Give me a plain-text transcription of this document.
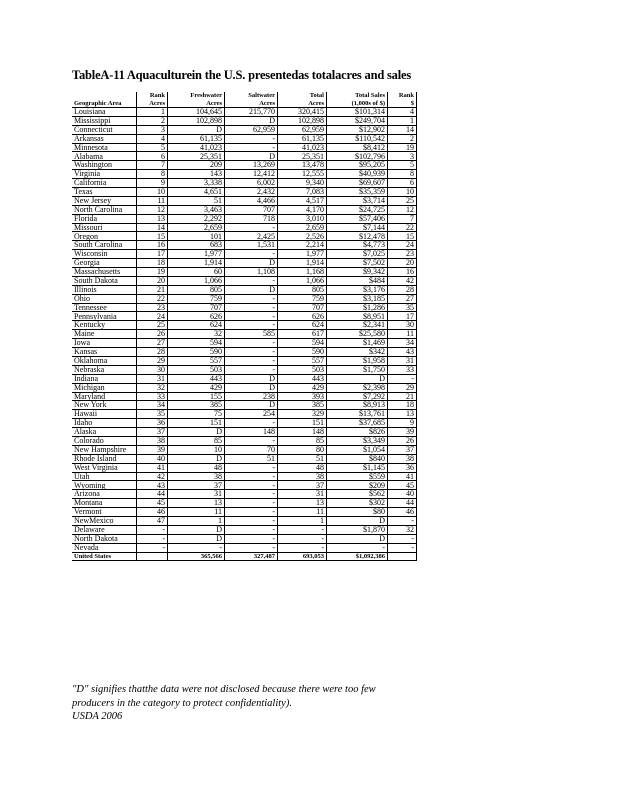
TableA-11 Aquaculturein the U.S. presentedas totalacres and sales
	Rank	Freshwater	Saltwater	Total	Total Sales	Rank
Geographic Area	Acres	Acres	Acres	Acres	(1,000s of $)	$
Louisiana	1	104,645	215,770	320,415	$101,314	4
Mississippi	2	102,898	D	102,898	$249,704	1
Connecticut	3	D	62,959	62,959	$12,902	14
Arkansas	4	61,135	-	61,135	$110,542	2
Minnesota	5	41,023	-	41,023	$8,412	19
Alabama	6	25,351	D	25,351	$102,796	3
Washington	7	209	13,269	13,478	$95,205	5
Virginia	8	143	12,412	12,555	$40,939	8
California	9	3,338	6,002	9,340	$69,607	6
Texas	10	4,651	2,432	7,083	$35,359	10
New Jersey	11	51	4,466	4,517	$3,714	25
North Carolina	12	3,463	707	4,170	$24,725	12
Florida	13	2,292	718	3,010	$57,406	7
Missouri	14	2,659	-	2,659	$7,144	22
Oregon	15	101	2,425	2,526	$12,478	15
South Carolina	16	683	1,531	2,214	$4,773	24
Wisconsin	17	1,977	-	1,977	$7,025	23
Georgia	18	1,914	D	1,914	$7,502	20
Massachusetts	19	60	1,108	1,168	$9,342	16
South Dakota	20	1,066	-	1,066	$484	42
Illinois	21	805	D	805	$3,176	28
Ohio	22	759	-	759	$3,185	27
Tennessee	23	707	-	707	$1,286	35
Pennsylvania	24	626	-	626	$8,951	17
Kentucky	25	624	-	624	$2,341	30
Maine	26	32	585	617	$25,580	11
Iowa	27	594	-	594	$1,469	34
Kansas	28	590	-	590	$342	43
Oklahoma	29	557	-	557	$1,958	31
Nebraska	30	503	-	503	$1,750	33
Indiana	31	443	D	443	D	-
Michigan	32	429	D	429	$2,398	29
Maryland	33	155	238	393	$7,292	21
New York	34	385	D	385	$8,913	18
Hawaii	35	75	254	329	$13,761	13
Idaho	36	151	-	151	$37,685	9
Alaska	37	D	148	148	$826	39
Colorado	38	85	-	85	$3,349	26
New Hampshire	39	10	70	80	$1,054	37
Rhode Island	40	D	51	51	$840	38
West Virginia	41	48	-	48	$1,145	36
Utah	42	38	-	38	$559	41
Wyoming	43	37	-	37	$209	45
Arizona	44	31	-	31	$562	40
Montana	45	13	-	13	$302	44
Vermont	46	11	-	11	$80	46
NewMexico	47	1	-	1	D	-
Delaware	-	D	-	-	$1,870	32
North Dakota	-	D	-	-	D	-
Nevada	-	-	-	-	-	-
United States		365,566	327,487	693,053	$1,092,386	
"D" signifies thatthe data were not disclosed because there were too few
producers in the category to protect confidentiality).
USDA 2006
